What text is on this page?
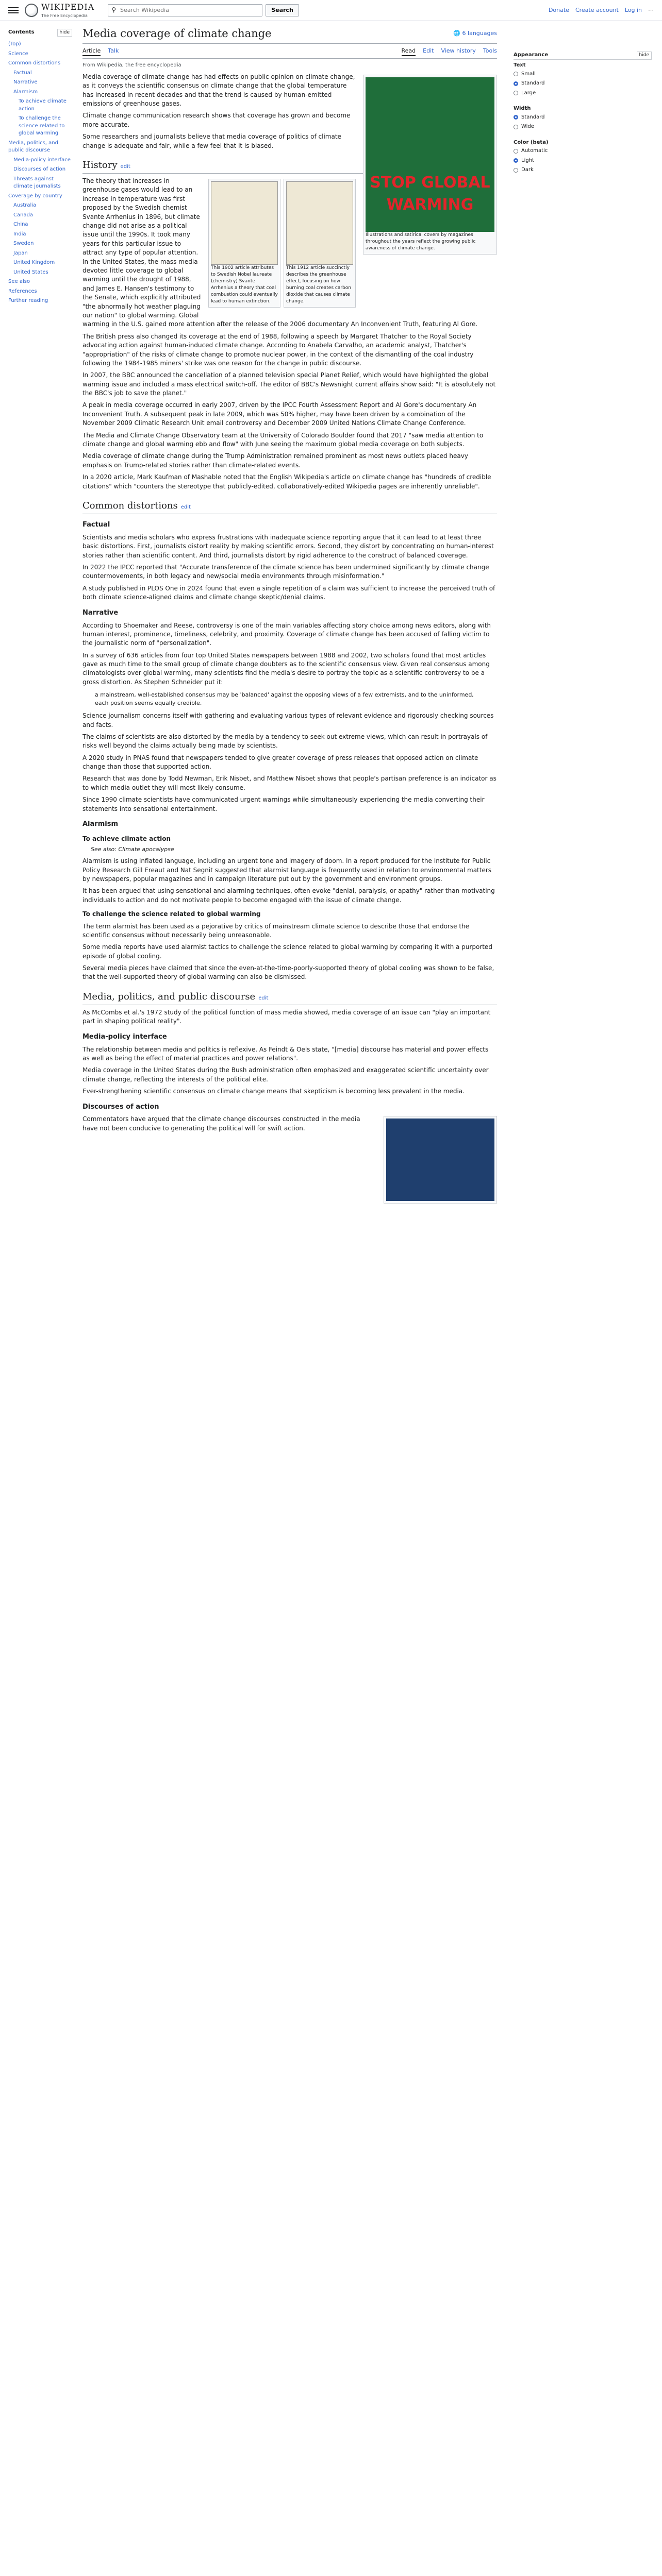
WIKIPEDIA
The Free Encyclopedia
⚲
Search Wikipedia	Search	Donate Create account Log in ⋯
Contents	hide
(Top)
Science
Common distortions
Factual
Narrative
Alarmism
To achieve climate action
To challenge the science related to global warming
Media, politics, and public discourse
Media-policy interface
Discourses of action
Threats against climate journalists
Coverage by country
Australia
Canada
China
India
Sweden
Japan
United Kingdom
United States
See also
References
Further reading
Media coverage of climate change	🌐 6 languages
Article Talk	Read Edit View history Tools
From Wikipedia, the free encyclopedia
STOP GLOBAL WARMING
Illustrations and satirical covers by magazines throughout the years reflect the growing public awareness of climate change.

Media coverage of climate change has had effects on public opinion on climate change, as it conveys the scientific consensus on climate change that the global temperature has increased in recent decades and that the trend is caused by human-emitted emissions of greenhouse gases.

Climate change communication research shows that coverage has grown and become more accurate.

Some researchers and journalists believe that media coverage of politics of climate change is adequate and fair, while a few feel that it is biased.

History edit
This 1902 article attributes to Swedish Nobel laureate (chemistry) Svante Arrhenius a theory that coal combustion could eventually lead to human extinction.
This 1912 article succinctly describes the greenhouse effect, focusing on how burning coal creates carbon dioxide that causes climate change.

The theory that increases in greenhouse gases would lead to an increase in temperature was first proposed by the Swedish chemist Svante Arrhenius in 1896, but climate change did not arise as a political issue until the 1990s. It took many years for this particular issue to attract any type of popular attention. In the United States, the mass media devoted little coverage to global warming until the drought of 1988, and James E. Hansen's testimony to the Senate, which explicitly attributed "the abnormally hot weather plaguing our nation" to global warming. Global warming in the U.S. gained more attention after the release of the 2006 documentary An Inconvenient Truth, featuring Al Gore.

The British press also changed its coverage at the end of 1988, following a speech by Margaret Thatcher to the Royal Society advocating action against human-induced climate change. According to Anabela Carvalho, an academic analyst, Thatcher's "appropriation" of the risks of climate change to promote nuclear power, in the context of the dismantling of the coal industry following the 1984-1985 miners' strike was one reason for the change in public discourse.

In 2007, the BBC announced the cancellation of a planned television special Planet Relief, which would have highlighted the global warming issue and included a mass electrical switch-off. The editor of BBC's Newsnight current affairs show said: "It is absolutely not the BBC's job to save the planet."

A peak in media coverage occurred in early 2007, driven by the IPCC Fourth Assessment Report and Al Gore's documentary An Inconvenient Truth. A subsequent peak in late 2009, which was 50% higher, may have been driven by a combination of the November 2009 Climatic Research Unit email controversy and December 2009 United Nations Climate Change Conference.

The Media and Climate Change Observatory team at the University of Colorado Boulder found that 2017 "saw media attention to climate change and global warming ebb and flow" with June seeing the maximum global media coverage on both subjects.

Media coverage of climate change during the Trump Administration remained prominent as most news outlets placed heavy emphasis on Trump-related stories rather than climate-related events.

In a 2020 article, Mark Kaufman of Mashable noted that the English Wikipedia's article on climate change has "hundreds of credible citations" which "counters the stereotype that publicly-edited, collaboratively-edited Wikipedia pages are inherently unreliable".

Common distortions edit
Factual

Scientists and media scholars who express frustrations with inadequate science reporting argue that it can lead to at least three basic distortions. First, journalists distort reality by making scientific errors. Second, they distort by concentrating on human-interest stories rather than scientific content. And third, journalists distort by rigid adherence to the construct of balanced coverage.

In 2022 the IPCC reported that "Accurate transference of the climate science has been undermined significantly by climate change countermovements, in both legacy and new/social media environments through misinformation."

A study published in PLOS One in 2024 found that even a single repetition of a claim was sufficient to increase the perceived truth of both climate science-aligned claims and climate change skeptic/denial claims.

Narrative

According to Shoemaker and Reese, controversy is one of the main variables affecting story choice among news editors, along with human interest, prominence, timeliness, celebrity, and proximity. Coverage of climate change has been accused of falling victim to the journalistic norm of "personalization".

In a survey of 636 articles from four top United States newspapers between 1988 and 2002, two scholars found that most articles gave as much time to the small group of climate change doubters as to the scientific consensus view. Given real consensus among climatologists over global warming, many scientists find the media's desire to portray the topic as a scientific controversy to be a gross distortion. As Stephen Schneider put it:

a mainstream, well-established consensus may be 'balanced' against the opposing views of a few extremists, and to the uninformed, each position seems equally credible.

Science journalism concerns itself with gathering and evaluating various types of relevant evidence and rigorously checking sources and facts.

The claims of scientists are also distorted by the media by a tendency to seek out extreme views, which can result in portrayals of risks well beyond the claims actually being made by scientists.

A 2020 study in PNAS found that newspapers tended to give greater coverage of press releases that opposed action on climate change than those that supported action.

Research that was done by Todd Newman, Erik Nisbet, and Matthew Nisbet shows that people's partisan preference is an indicator as to which media outlet they will most likely consume.

Since 1990 climate scientists have communicated urgent warnings while simultaneously experiencing the media converting their statements into sensational entertainment.

Alarmism
To achieve climate action
See also: Climate apocalypse

Alarmism is using inflated language, including an urgent tone and imagery of doom. In a report produced for the Institute for Public Policy Research Gill Ereaut and Nat Segnit suggested that alarmist language is frequently used in relation to environmental matters by newspapers, popular magazines and in campaign literature put out by the government and environment groups.

It has been argued that using sensational and alarming techniques, often evoke "denial, paralysis, or apathy" rather than motivating individuals to action and do not motivate people to become engaged with the issue of climate change.

To challenge the science related to global warming

The term alarmist has been used as a pejorative by critics of mainstream climate science to describe those that endorse the scientific consensus without necessarily being unreasonable.

Some media reports have used alarmist tactics to challenge the science related to global warming by comparing it with a purported episode of global cooling.

Several media pieces have claimed that since the even-at-the-time-poorly-supported theory of global cooling was shown to be false, that the well-supported theory of global warming can also be dismissed.

Media, politics, and public discourse edit

As McCombs et al.'s 1972 study of the political function of mass media showed, media coverage of an issue can "play an important part in shaping political reality".

Media-policy interface

The relationship between media and politics is reflexive. As Feindt & Oels state, "[media] discourse has material and power effects as well as being the effect of material practices and power relations".

Media coverage in the United States during the Bush administration often emphasized and exaggerated scientific uncertainty over climate change, reflecting the interests of the political elite.

Ever-strengthening scientific consensus on climate change means that skepticism is becoming less prevalent in the media.

Discourses of action

Commentators have argued that the climate change discourses constructed in the media have not been conducive to generating the political will for swift action.

Appearance	hide
Text
Small
Standard
Large
Width
Standard
Wide
Color (beta)
Automatic
Light
Dark
